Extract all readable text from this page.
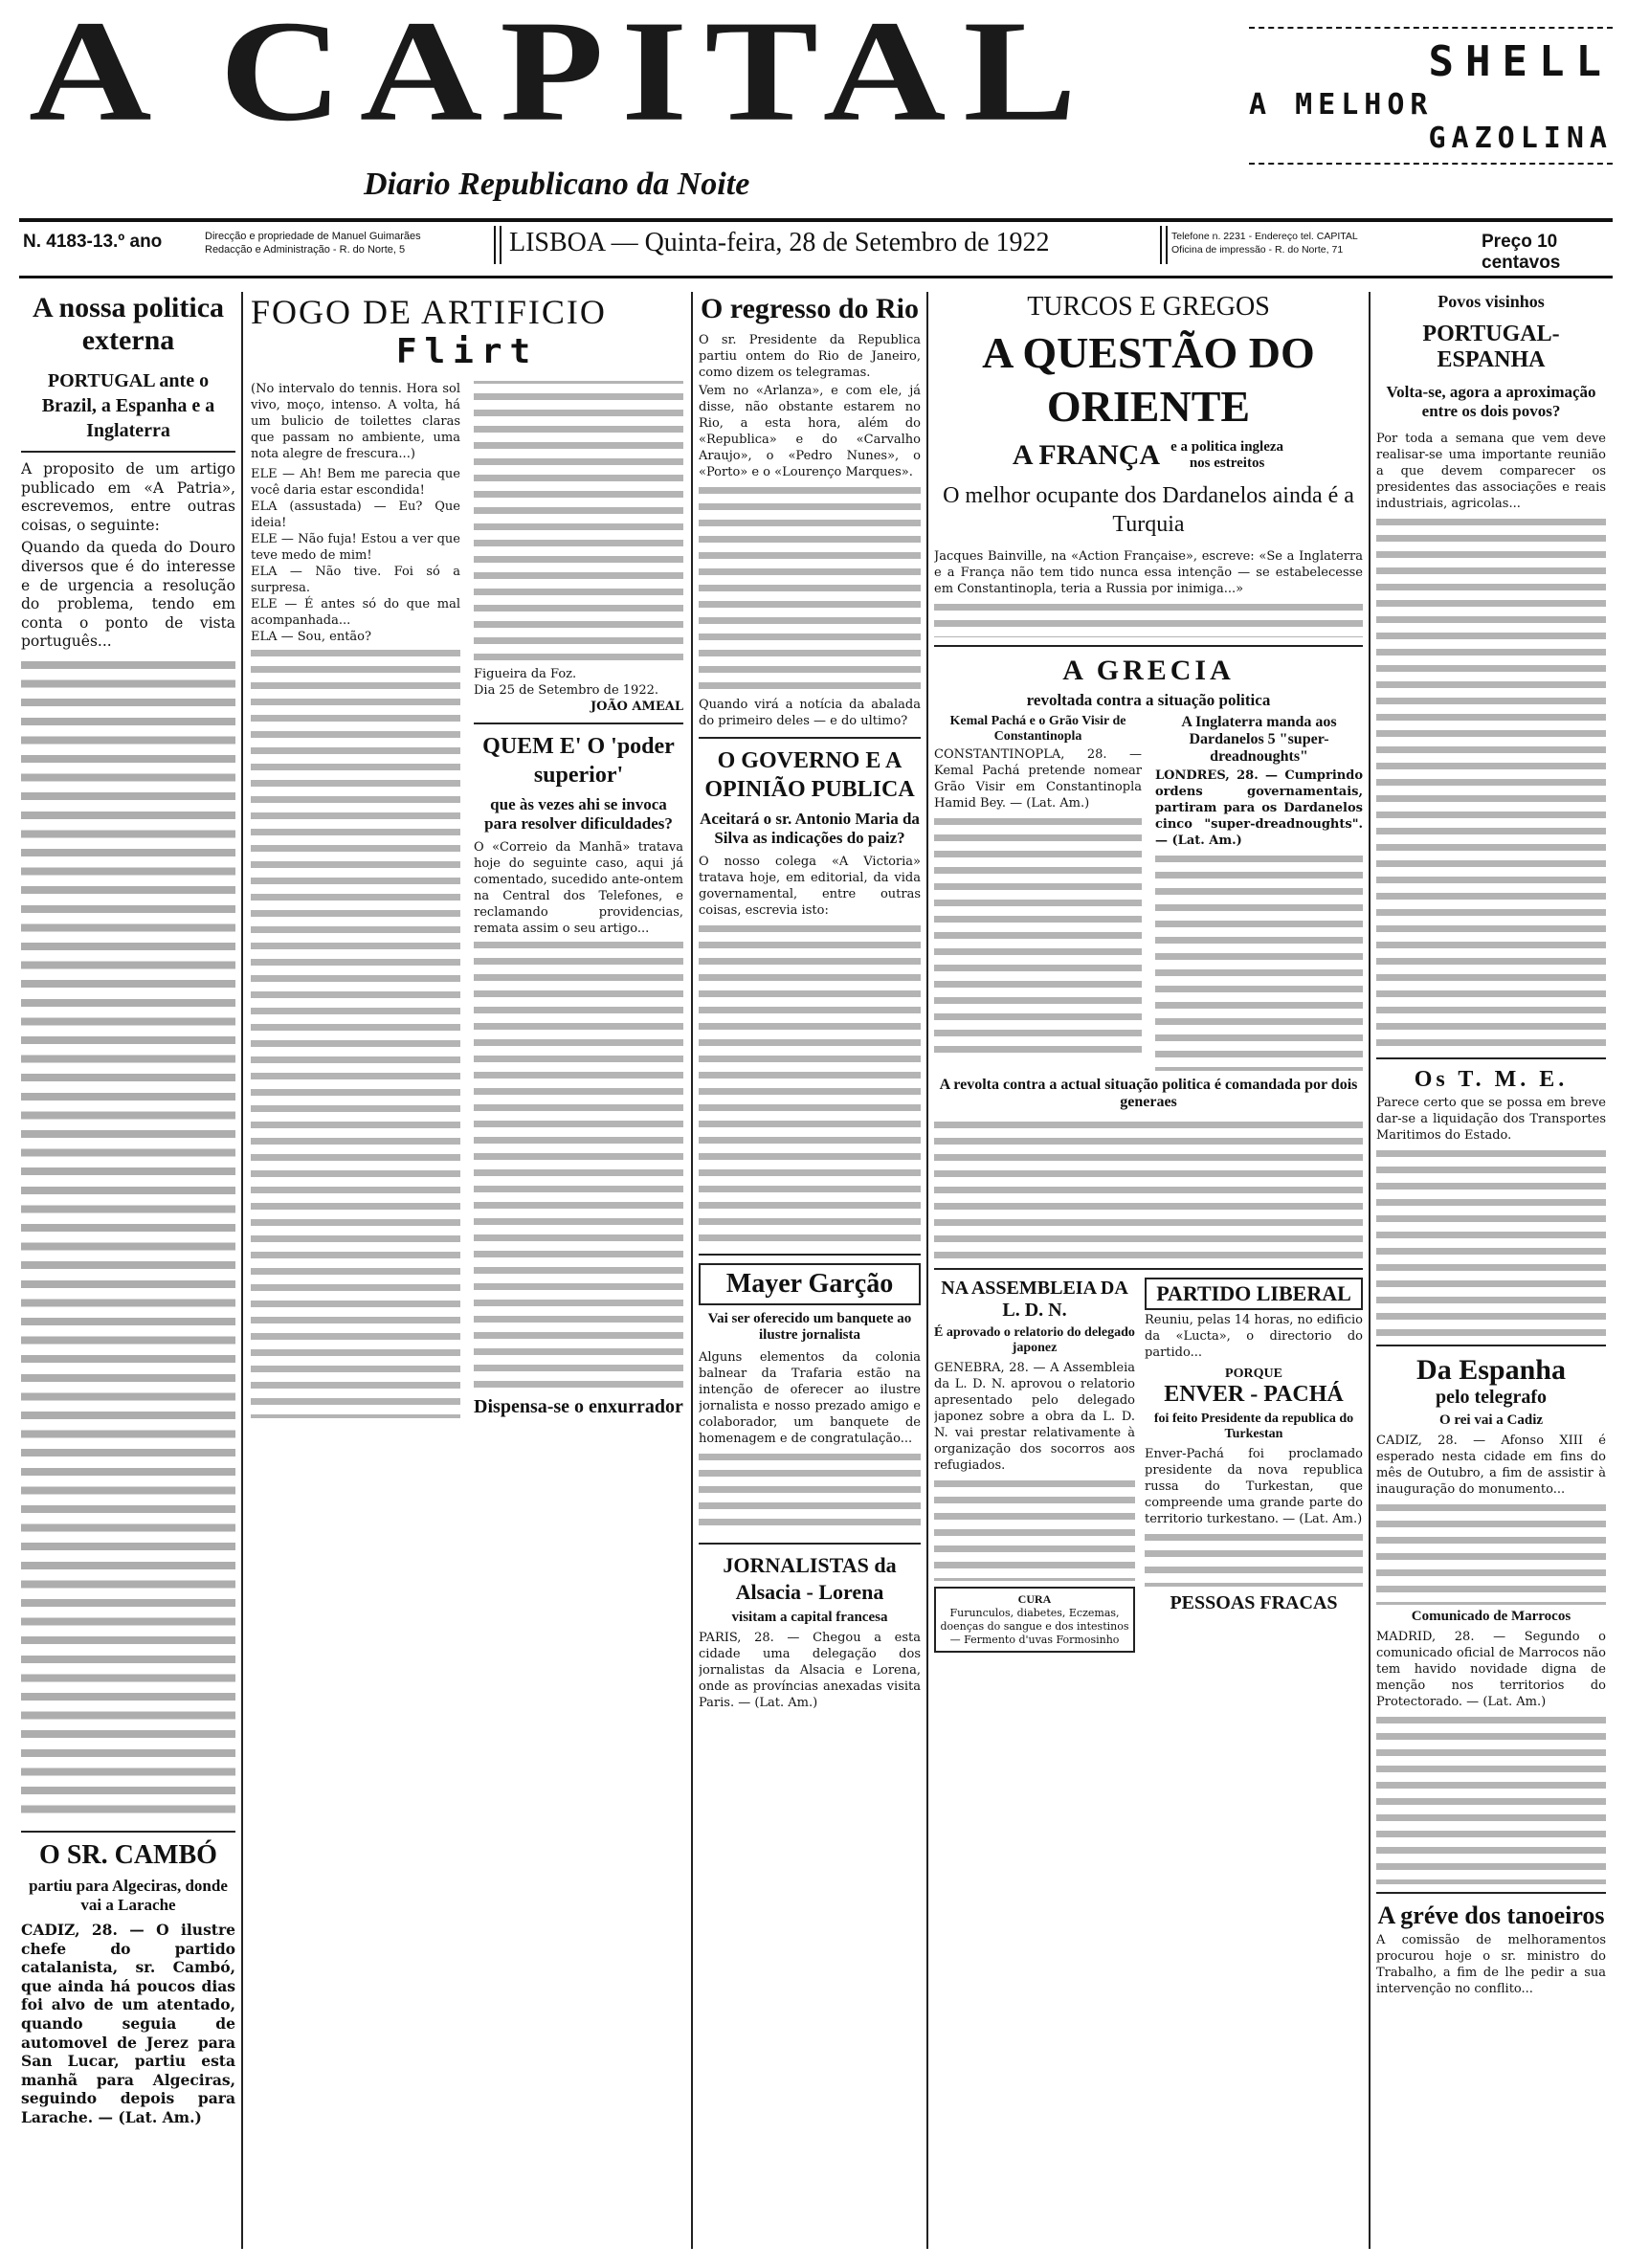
A CAPITAL
Diario Republicano da Noite
SHELL
A MELHOR
GAZOLINA
N. 4183-13.º ano	Direcção e propriedade de Manuel Guimarães
Redacção e Administração - R. do Norte, 5	LISBOA — Quinta-feira, 28 de Setembro de 1922	Telefone n. 2231 - Endereço tel. CAPITAL
Oficina de impressão - R. do Norte, 71	Preço 10 centavos
A nossa politica externa
PORTUGAL ante o Brazil, a Espanha e a Inglaterra

A proposito de um artigo publicado em «A Patria», escrevemos, entre outras coisas, o seguinte:

Quando da queda do Douro diversos que é do interesse e de urgencia a resolução do problema, tendo em conta o ponto de vista português...

O SR. CAMBÓ
partiu para Algeciras, donde vai a Larache

CADIZ, 28. — O ilustre chefe do partido catalanista, sr. Cambó, que ainda há poucos dias foi alvo de um atentado, quando seguia de automovel de Jerez para San Lucar, partiu esta manhã para Algeciras, seguindo depois para Larache. — (Lat. Am.)

FOGO DE ARTIFICIO
Flirt

(No intervalo do tennis. Hora sol vivo, moço, intenso. A volta, há um bulicio de toilettes claras que passam no ambiente, uma nota alegre de frescura...)

ELE — Ah! Bem me parecia que você daria estar escondida!
ELA (assustada) — Eu? Que ideia!
ELE — Não fuja! Estou a ver que teve medo de mim!
ELA — Não tive. Foi só a surpresa.
ELE — É antes só do que mal acompanhada...
ELA — Sou, então?
Figueira da Foz.
Dia 25 de Setembro de 1922.
JOÃO AMEAL
QUEM E' O 'poder superior'
que às vezes ahi se invoca para resolver dificuldades?

O «Correio da Manhã» tratava hoje do seguinte caso, aqui já comentado, sucedido ante-ontem na Central dos Telefones, e reclamando providencias, remata assim o seu artigo...

Dispensa-se o enxurrador
O regresso do Rio

O sr. Presidente da Republica partiu ontem do Rio de Janeiro, como dizem os telegramas.

Vem no «Arlanza», e com ele, já disse, não obstante estarem no Rio, a esta hora, além do «Republica» e do «Carvalho Araujo», o «Pedro Nunes», o «Porto» e o «Lourenço Marques».

Quando virá a notícia da abalada do primeiro deles — e do ultimo?

O GOVERNO E A OPINIÃO PUBLICA
Aceitará o sr. Antonio Maria da Silva as indicações do paiz?

O nosso colega «A Victoria» tratava hoje, em editorial, da vida governamental, entre outras coisas, escrevia isto:

Mayer Garção
Vai ser oferecido um banquete ao ilustre jornalista

Alguns elementos da colonia balnear da Trafaria estão na intenção de oferecer ao ilustre jornalista e nosso prezado amigo e colaborador, um banquete de homenagem e de congratulação...

JORNALISTAS da Alsacia - Lorena
visitam a capital francesa

PARIS, 28. — Chegou a esta cidade uma delegação dos jornalistas da Alsacia e Lorena, onde as províncias anexadas visita Paris. — (Lat. Am.)

TURCOS E GREGOS
A QUESTÃO DO ORIENTE
A FRANÇA e a politica ingleza nos estreitos
O melhor ocupante dos Dardanelos ainda é a Turquia

Jacques Bainville, na «Action Française», escreve: «Se a Inglaterra e a França não tem tido nunca essa intenção — se estabelecesse em Constantinopla, teria a Russia por inimiga...»

A GRECIA
revoltada contra a situação politica
Kemal Pachá e o Grão Visir de Constantinopla

CONSTANTINOPLA, 28. — Kemal Pachá pretende nomear Grão Visir em Constantinopla Hamid Bey. — (Lat. Am.)

A Inglaterra manda aos Dardanelos 5 "super-dreadnoughts"

LONDRES, 28. — Cumprindo ordens governamentais, partiram para os Dardanelos cinco "super-dreadnoughts". — (Lat. Am.)

A revolta contra a actual situação politica é comandada por dois generaes
NA ASSEMBLEIA DA L. D. N.
É aprovado o relatorio do delegado japonez

GENEBRA, 28. — A Assembleia da L. D. N. aprovou o relatorio apresentado pelo delegado japonez sobre a obra da L. D. N. vai prestar relativamente à organização dos socorros aos refugiados.

CURA
Furunculos, diabetes, Eczemas, doenças do sangue e dos intestinos — Fermento d'uvas Formosinho
PARTIDO LIBERAL

Reuniu, pelas 14 horas, no edificio da «Lucta», o directorio do partido...

PORQUE
ENVER - PACHÁ
foi feito Presidente da republica do Turkestan

Enver-Pachá foi proclamado presidente da nova republica russa do Turkestan, que compreende uma grande parte do territorio turkestano. — (Lat. Am.)

PESSOAS FRACAS
Povos visinhos
PORTUGAL-ESPANHA
Volta-se, agora a aproximação entre os dois povos?

Por toda a semana que vem deve realisar-se uma importante reunião a que devem comparecer os presidentes das associações e reais industriais, agricolas...

Os T. M. E.

Parece certo que se possa em breve dar-se a liquidação dos Transportes Maritimos do Estado.

Da Espanha
pelo telegrafo
O rei vai a Cadiz

CADIZ, 28. — Afonso XIII é esperado nesta cidade em fins do mês de Outubro, a fim de assistir à inauguração do monumento...

Comunicado de Marrocos

MADRID, 28. — Segundo o comunicado oficial de Marrocos não tem havido novidade digna de menção nos territorios do Protectorado. — (Lat. Am.)

A gréve dos tanoeiros

A comissão de melhoramentos procurou hoje o sr. ministro do Trabalho, a fim de lhe pedir a sua intervenção no conflito...
